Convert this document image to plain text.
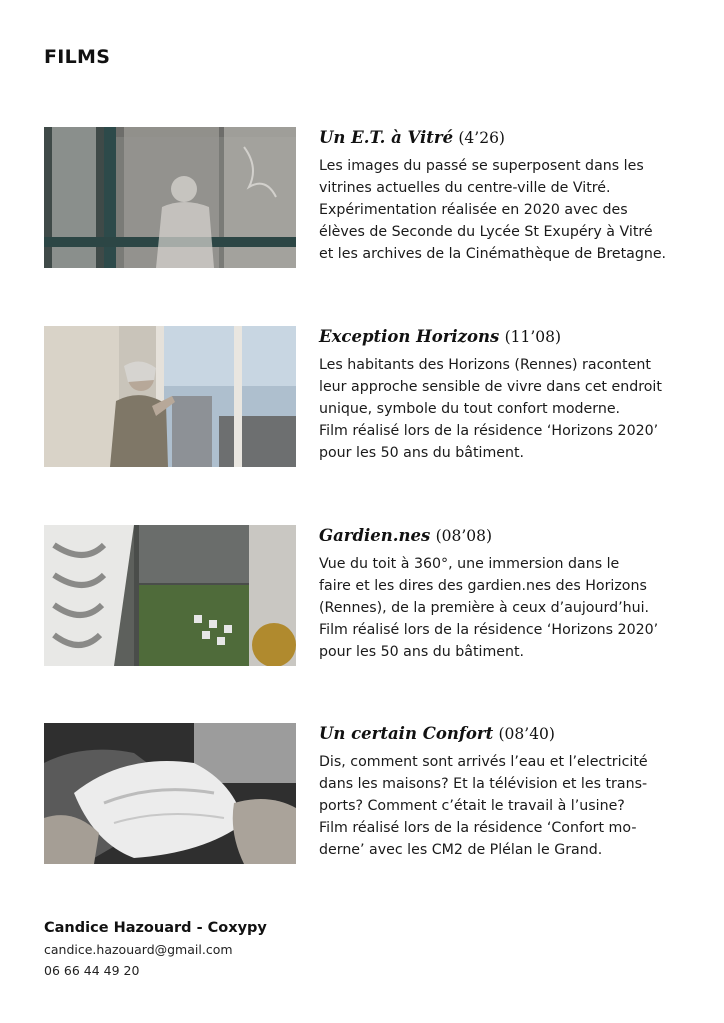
FILMS
Un E.T. à Vitré (4’26)
Les images du passé se superposent dans les
vitrines actuelles du centre-ville de Vitré.
Expérimentation réalisée en 2020 avec des
élèves de Seconde du Lycée St Exupéry à Vitré
et les archives de la Cinémathèque de Bretagne.
Exception Horizons (11’08)
Les habitants des Horizons (Rennes) racontent
leur approche sensible de vivre dans cet endroit
unique, symbole du tout confort moderne.
Film réalisé lors de la résidence ‘Horizons 2020’
pour les 50 ans du bâtiment.
Gardien.nes (08’08)
Vue du toit à 360°, une immersion dans le
faire et les dires des gardien.nes des Horizons
(Rennes), de la première à ceux d’aujourd’hui.
Film réalisé lors de la résidence ‘Horizons 2020’
pour les 50 ans du bâtiment.
Un certain Confort (08’40)
Dis, comment sont arrivés l’eau et l’electricité
dans les maisons? Et la télévision et les trans-
ports? Comment c’était le travail à l’usine?
Film réalisé lors de la résidence ‘Confort mo-
derne’ avec les CM2 de Plélan le Grand.
Candice Hazouard - Coxypy
candice.hazouard@gmail.com
06 66 44 49 20
